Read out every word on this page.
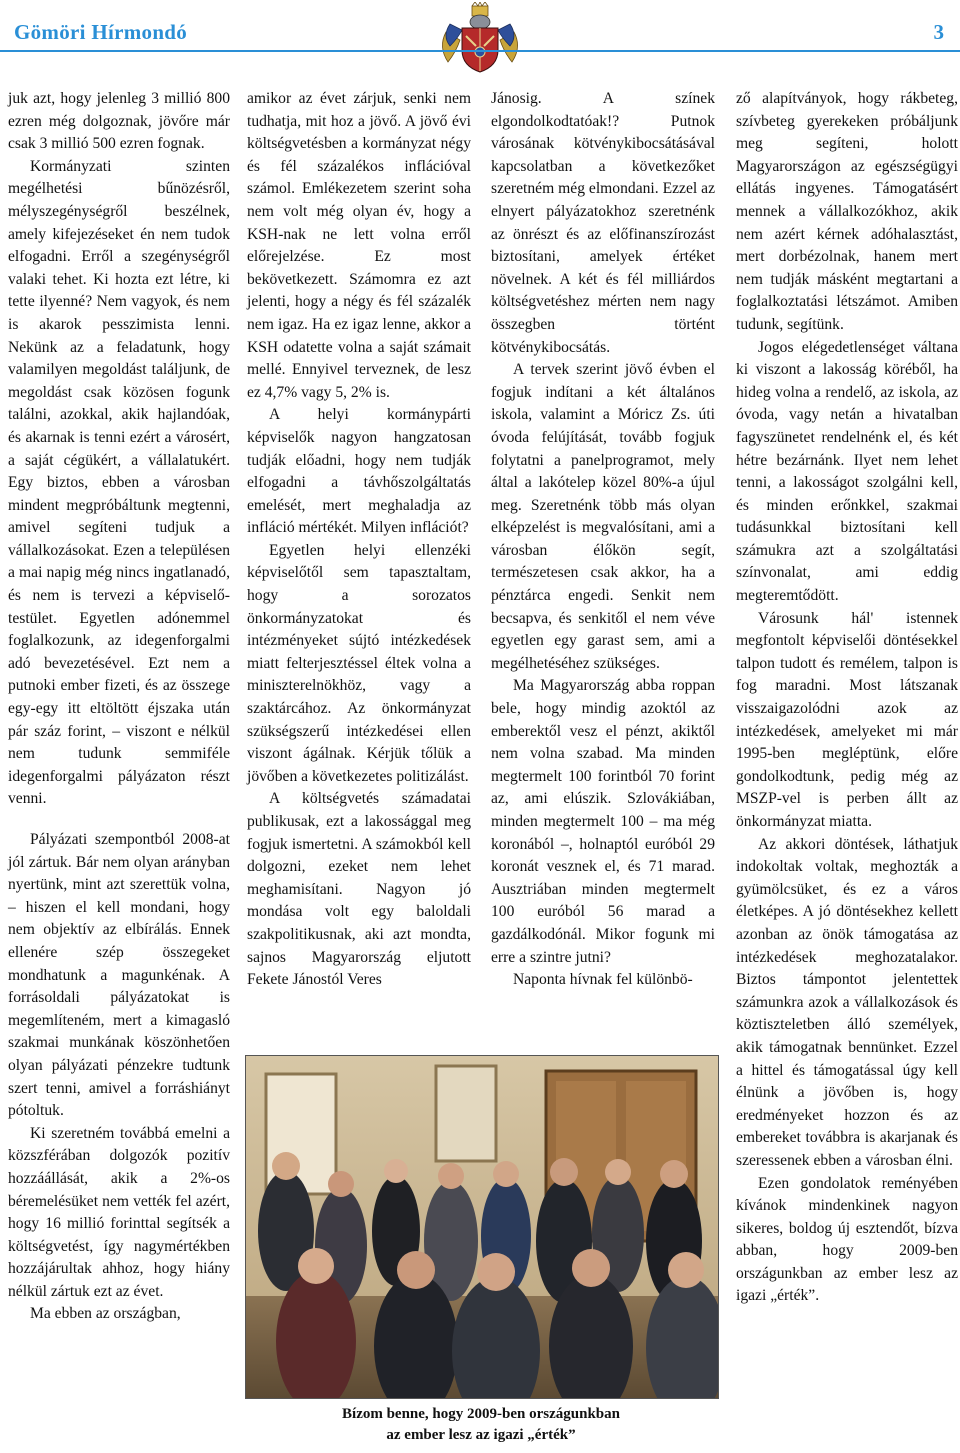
Gömöri Hírmondó	3

juk azt, hogy jelenleg 3 millió 800 ezren még dolgoznak, jövőre már csak 3 millió 500 ezren fognak.

Kormányzati szinten megélhetési bűnözésről, mélyszegénységről beszélnek, amely kifejezéseket én nem tudok elfogadni. Erről a szegénységről valaki tehet. Ki hozta ezt létre, ki tette ilyenné? Nem vagyok, és nem is akarok pesszimista lenni. Nekünk az a feladatunk, hogy valamilyen megoldást találjunk, de megoldást csak közösen fogunk találni, azokkal, akik hajlandóak, és akarnak is tenni ezért a városért, a saját cégükért, a vállalatukért. Egy biztos, ebben a városban mindent megpróbáltunk megtenni, amivel segíteni tudjuk a vállalkozásokat. Ezen a településen a mai napig még nincs ingatlanadó, és nem is tervezi a képviselő-testület. Egyetlen adónemmel foglalkozunk, az idegenforgalmi adó bevezetésével. Ezt nem a putnoki ember fizeti, és az összege egy-egy itt eltöltött éjszaka után pár száz forint, – viszont e nélkül nem tudunk semmiféle idegenforgalmi pályázaton részt venni.

Pályázati szempontból 2008-at jól zártuk. Bár nem olyan arányban nyertünk, mint azt szerettük volna, – hiszen el kell mondani, hogy nem objektív az elbírálás. Ennek ellenére szép összegeket mondhatunk a magunkénak. A forrásoldali pályázatokat is megemlíteném, mert a kimagasló szakmai munkának köszönhetően olyan pályázati pénzekre tudtunk szert tenni, amivel a forráshiányt pótoltuk.

Ki szeretném továbbá emelni a közszférában dolgozók pozitív hozzáállását, akik a 2%-os béremelésüket nem vették fel azért, hogy 16 millió forinttal segítsék a költségvetést, így nagymértékben hozzájárultak ahhoz, hogy hiány nélkül zártuk ezt az évet.

Ma ebben az országban,

amikor az évet zárjuk, senki nem tudhatja, mit hoz a jövő. A jövő évi költségvetésben a kormányzat négy és fél százalékos inflációval számol. Emlékezetem szerint soha nem volt még olyan év, hogy a KSH-nak ne lett volna erről előrejelzése. Ez most bekövetkezett. Számomra ez azt jelenti, hogy a négy és fél százalék nem igaz. Ha ez igaz lenne, akkor a KSH odatette volna a saját számait mellé. Ennyivel terveznek, de lesz ez 4,7% vagy 5, 2% is.

A helyi kormánypárti képviselők nagyon hangzatosan tudják előadni, hogy nem tudják elfogadni a távhőszolgáltatás emelését, mert meghaladja az infláció mértékét. Milyen inflációt?

Egyetlen helyi ellenzéki képviselőtől sem tapasztaltam, hogy a sorozatos önkormányzatokat és intézményeket sújtó intézkedések miatt felterjesztéssel éltek volna a miniszterelnökhöz, vagy a szaktárcához. Az önkormányzat szükségszerű intézkedései ellen viszont ágálnak. Kérjük tőlük a jövőben a következetes politizálást.

A költségvetés számadatai publikusak, ezt a lakossággal meg fogjuk ismertetni. A számokból kell dolgozni, ezeket nem lehet meghamisítani. Nagyon jó mondása volt egy baloldali szakpolitikusnak, aki azt mondta, sajnos Magyarország eljutott Fekete Jánostól Veres

Jánosig. A színek elgondolkodtatóak!? Putnok városának kötvénykibocsátásával kapcsolatban a következőket szeretném még elmondani. Ezzel az elnyert pályázatokhoz szeretnénk az önrészt és az előfinanszírozást biztosítani, amelyek értéket növelnek. A két és fél milliárdos költségvetéshez mérten nem nagy összegben történt kötvénykibocsátás.

A tervek szerint jövő évben el fogjuk indítani a két általános iskola, valamint a Móricz Zs. úti óvoda felújítását, tovább fogjuk folytatni a panelprogramot, mely által a lakótelep közel 80%-a újul meg. Szeretnénk több más olyan elképzelést is megvalósítani, ami a városban élőkön segít, természetesen csak akkor, ha a pénztárca engedi. Senkit nem becsapva, és senkitől el nem véve egyetlen egy garast sem, ami a megélhetéséhez szükséges.

Ma Magyarország abba roppan bele, hogy mindig azoktól az emberektől vesz el pénzt, akiktől nem volna szabad. Ma minden megtermelt 100 forintból 70 forint az, ami elúszik. Szlovákiában, minden megtermelt 100 – ma még koronából –, holnaptól euróból 29 koronát vesznek el, és 71 marad. Ausztriában minden megtermelt 100 euróból 56 marad a gazdálkodónál. Mikor fogunk mi erre a szintre jutni?

Naponta hívnak fel különbö-

ző alapítványok, hogy rákbeteg, szívbeteg gyerekeken próbáljunk meg segíteni, holott Magyarországon az egészségügyi ellátás ingyenes. Támogatásért mennek a vállalkozókhoz, akik nem azért kérnek adóhalasztást, mert dorbézolnak, hanem mert nem tudják másként megtartani a foglalkoztatási létszámot. Amiben tudunk, segítünk.

Jogos elégedetlenséget váltana ki viszont a lakosság köréből, ha hideg volna a rendelő, az iskola, az óvoda, vagy netán a hivatalban fagyszünetet rendelnénk el, és két hétre bezárnánk. Ilyet nem lehet tenni, a lakosságot szolgálni kell, és minden erőnkkel, szakmai tudásunkkal biztosítani kell számukra azt a szolgáltatási színvonalat, ami eddig megteremtődött.

Városunk hál' istennek megfontolt képviselői döntésekkel talpon tudott és remélem, talpon is fog maradni. Most látszanak visszaigazolódni azok az intézkedések, amelyeket mi már 1995-ben megléptünk, előre gondolkodtunk, pedig még az MSZP-vel is perben állt az önkormányzat miatta.

Az akkori döntések, láthatjuk indokoltak voltak, meghozták a gyümölcsüket, és ez a város életképes. A jó döntésekhez kellett azonban az önök támogatása az intézkedések meghozatalakor. Biztos támpontot jelentettek számunkra azok a vállalkozások és köztiszteletben álló személyek, akik támogatnak bennünket. Ezzel a hittel és támogatással úgy kell élnünk a jövőben is, hogy eredményeket hozzon és az embereket továbbra is akarjanak és szeressenek ebben a városban élni.

Ezen gondolatok reményében kívánok mindenkinek nagyon sikeres, boldog új esztendőt, bízva abban, hogy 2009-ben országunkban az ember lesz az igazi „érték”.

Bízom benne, hogy 2009-ben országunkban
az ember lesz az igazi „érték”
